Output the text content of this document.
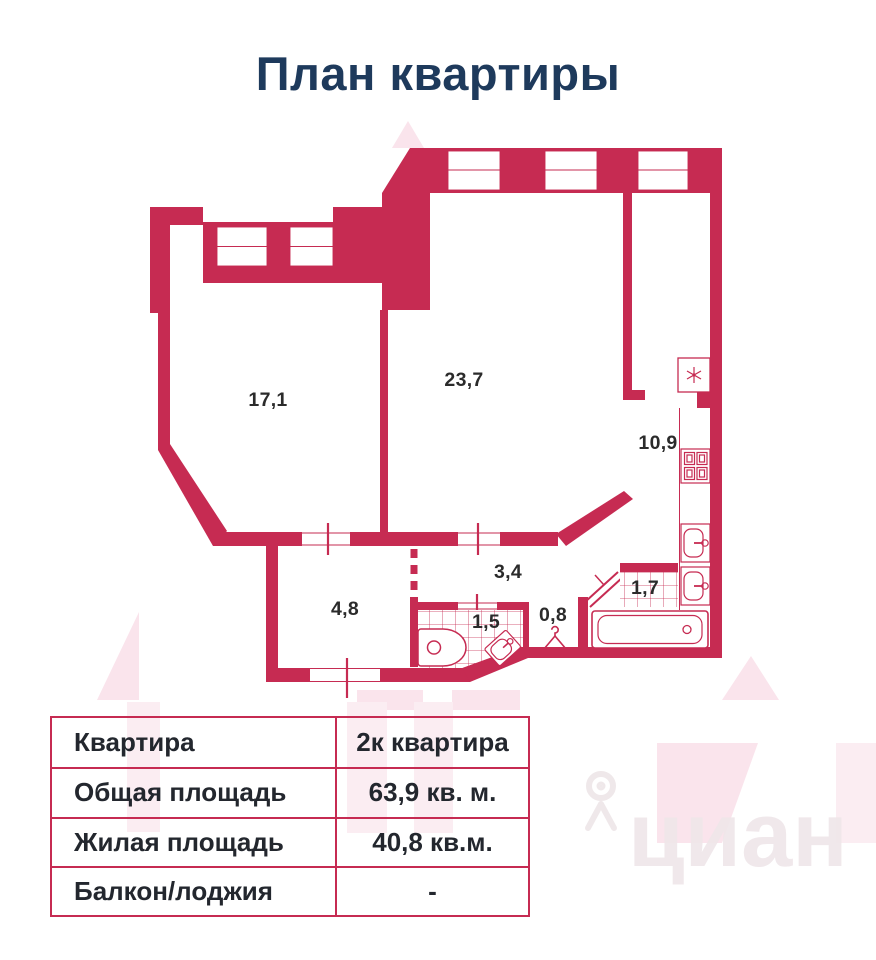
План квартиры
циан
17,1
23,7
10,9
3,4
4,8
1,5 0,8
1,7
Квартира	2к квартира
Общая площадь	63,9 кв. м.
Жилая площадь	40,8 кв.м.
Балкон/лоджия	-
